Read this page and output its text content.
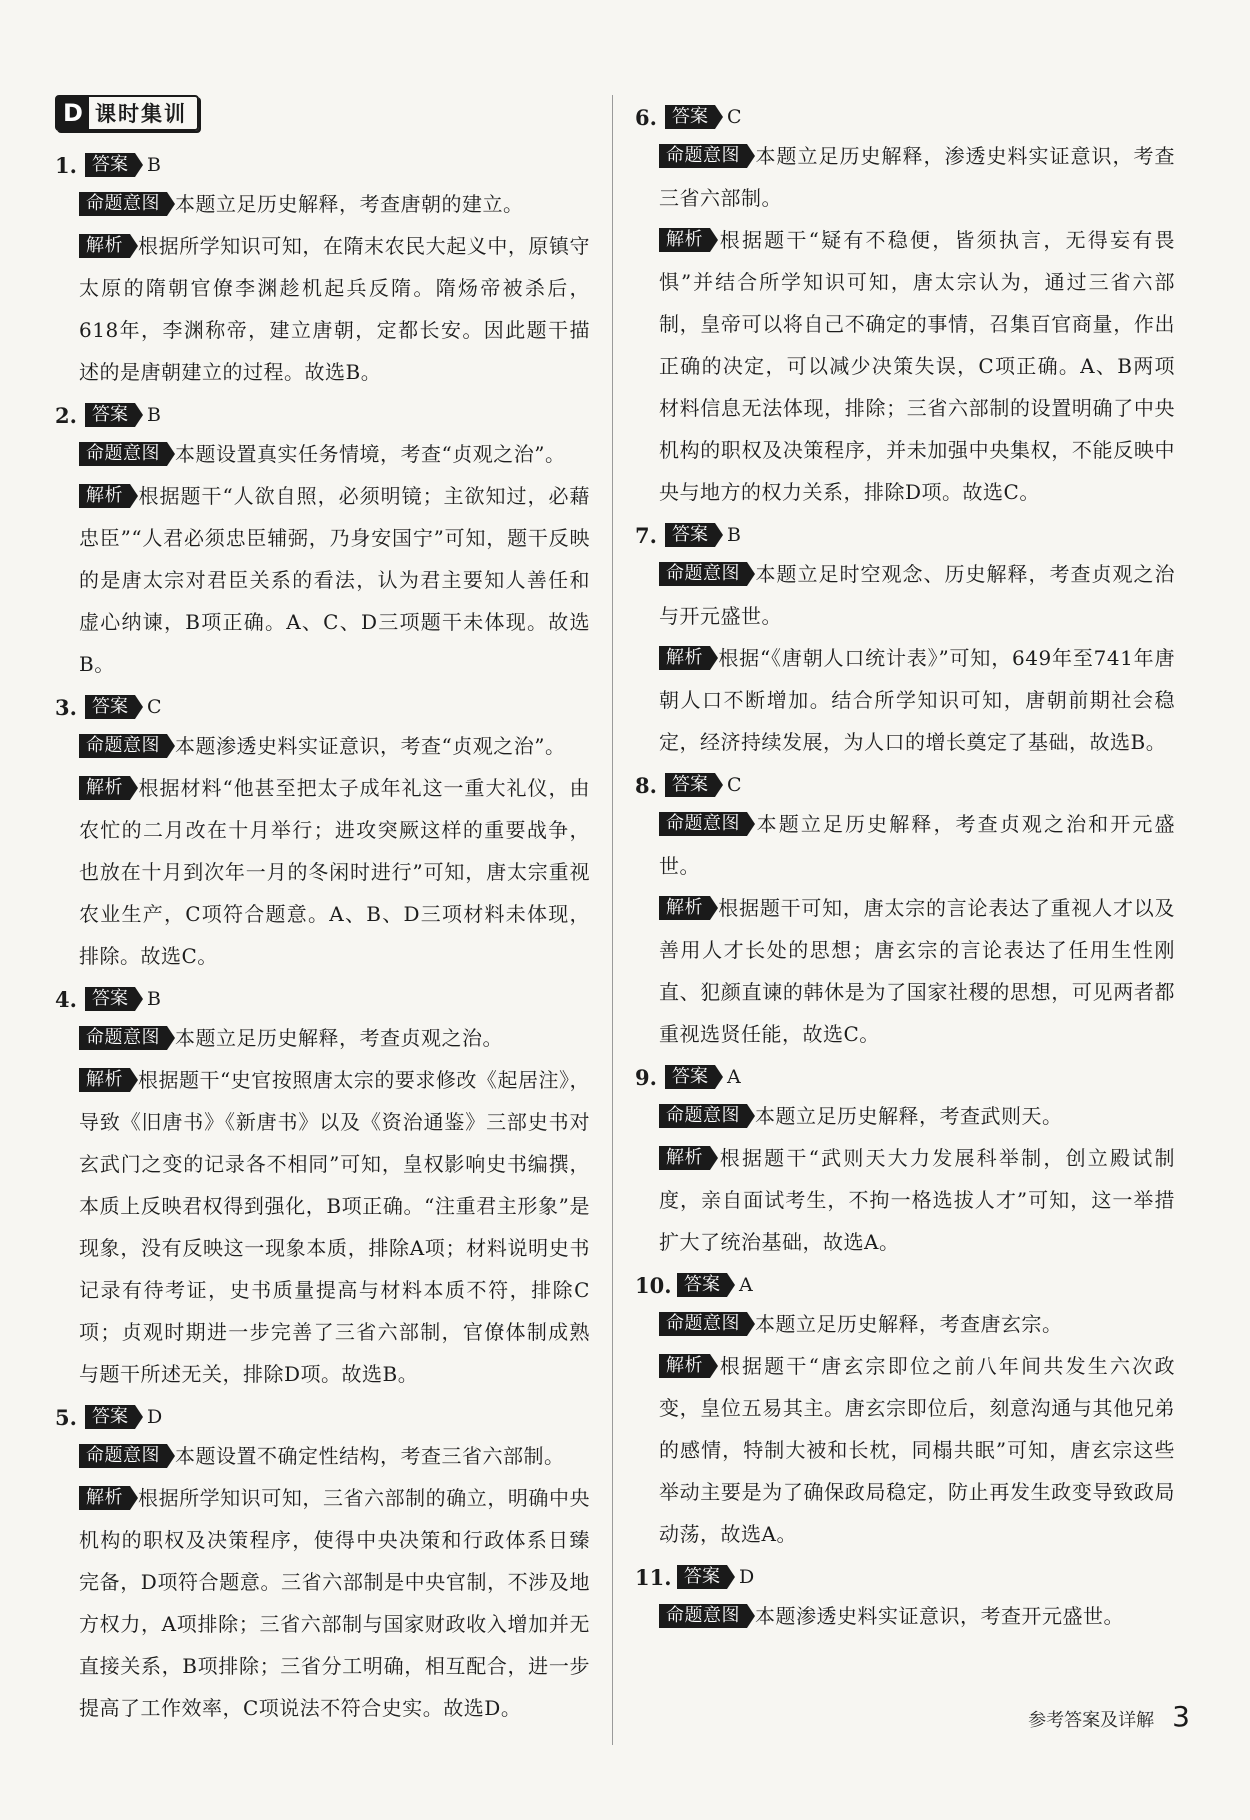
D 课时集训
1. 答案	B

命题意图 本题立足历史解释，考查唐朝的建立。

解析 根据所学知识可知，在隋末农民大起义中，原镇守太原的隋朝官僚李渊趁机起兵反隋。隋炀帝被杀后，618年，李渊称帝，建立唐朝，定都长安。因此题干描述的是唐朝建立的过程。故选B。

2. 答案	B

命题意图 本题设置真实任务情境，考查“贞观之治”。

解析 根据题干“人欲自照，必须明镜；主欲知过，必藉忠臣”“人君必须忠臣辅弼，乃身安国宁”可知，题干反映的是唐太宗对君臣关系的看法，认为君主要知人善任和虚心纳谏，B项正确。A、C、D三项题干未体现。故选B。

3. 答案	C

命题意图 本题渗透史料实证意识，考查“贞观之治”。

解析 根据材料“他甚至把太子成年礼这一重大礼仪，由农忙的二月改在十月举行；进攻突厥这样的重要战争，也放在十月到次年一月的冬闲时进行”可知，唐太宗重视农业生产，C项符合题意。A、B、D三项材料未体现，排除。故选C。

4. 答案	B

命题意图 本题立足历史解释，考查贞观之治。

解析 根据题干“史官按照唐太宗的要求修改《起居注》，导致《旧唐书》《新唐书》以及《资治通鉴》三部史书对玄武门之变的记录各不相同”可知，皇权影响史书编撰，本质上反映君权得到强化，B项正确。“注重君主形象”是现象，没有反映这一现象本质，排除A项；材料说明史书记录有待考证，史书质量提高与材料本质不符，排除C项；贞观时期进一步完善了三省六部制，官僚体制成熟与题干所述无关，排除D项。故选B。

5. 答案	D

命题意图 本题设置不确定性结构，考查三省六部制。

解析 根据所学知识可知，三省六部制的确立，明确中央机构的职权及决策程序，使得中央决策和行政体系日臻完备，D项符合题意。三省六部制是中央官制，不涉及地方权力，A项排除；三省六部制与国家财政收入增加并无直接关系，B项排除；三省分工明确，相互配合，进一步提高了工作效率，C项说法不符合史实。故选D。

6. 答案	C

命题意图 本题立足历史解释，渗透史料实证意识，考查三省六部制。

解析 根据题干“疑有不稳便，皆须执言，无得妄有畏惧”并结合所学知识可知，唐太宗认为，通过三省六部制，皇帝可以将自己不确定的事情，召集百官商量，作出正确的决定，可以减少决策失误，C项正确。A、B两项材料信息无法体现，排除；三省六部制的设置明确了中央机构的职权及决策程序，并未加强中央集权，不能反映中央与地方的权力关系，排除D项。故选C。

7. 答案	B

命题意图 本题立足时空观念、历史解释，考查贞观之治与开元盛世。

解析 根据“《唐朝人口统计表》”可知，649年至741年唐朝人口不断增加。结合所学知识可知，唐朝前期社会稳定，经济持续发展，为人口的增长奠定了基础，故选B。

8. 答案	C

命题意图 本题立足历史解释，考查贞观之治和开元盛世。

解析 根据题干可知，唐太宗的言论表达了重视人才以及善用人才长处的思想；唐玄宗的言论表达了任用生性刚直、犯颜直谏的韩休是为了国家社稷的思想，可见两者都重视选贤任能，故选C。

9. 答案	A

命题意图 本题立足历史解释，考查武则天。

解析 根据题干“武则天大力发展科举制，创立殿试制度，亲自面试考生，不拘一格选拔人才”可知，这一举措扩大了统治基础，故选A。

10. 答案	A

命题意图 本题立足历史解释，考查唐玄宗。

解析 根据题干“唐玄宗即位之前八年间共发生六次政变，皇位五易其主。唐玄宗即位后，刻意沟通与其他兄弟的感情，特制大被和长枕，同榻共眠”可知，唐玄宗这些举动主要是为了确保政局稳定，防止再发生政变导致政局动荡，故选A。

11. 答案	D

命题意图 本题渗透史料实证意识，考查开元盛世。

参考答案及详解 3
